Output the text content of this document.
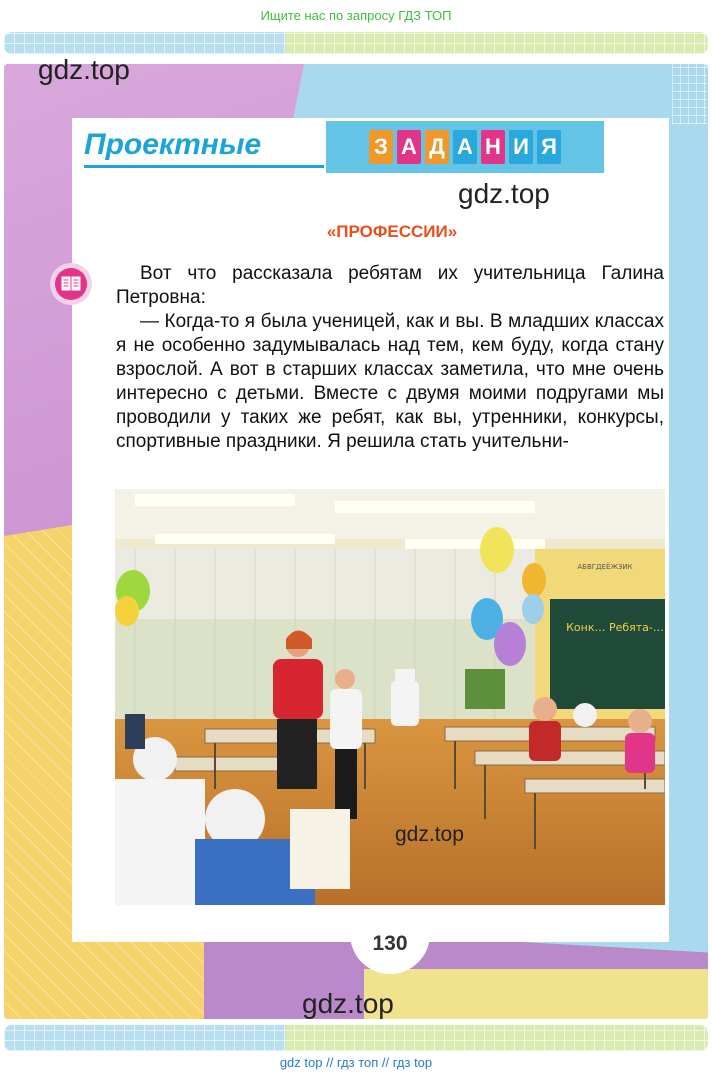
Ищите нас по запросу ГДЗ ТОП
Проектные	З А Д А Н И Я
«ПРОФЕССИИ»

Вот что рассказала ребятам их учительница Галина Петровна:

— Когда-то я была ученицей, как и вы. В младших классах я не особенно задумывалась над тем, кем буду, когда стану взрослой. А вот в старших классах заметила, что мне очень интересно с детьми. Вместе с двумя моими подругами мы проводили у таких же ребят, как вы, утренники, конкурсы, спортивные праздники. Я решила стать учительни-

АБВГДЕЁЖЗИК
Конк… Ребята-…
130
gdz.top
gdz.top
gdz.top
gdz.top
gdz top // гдз топ // гдз top
